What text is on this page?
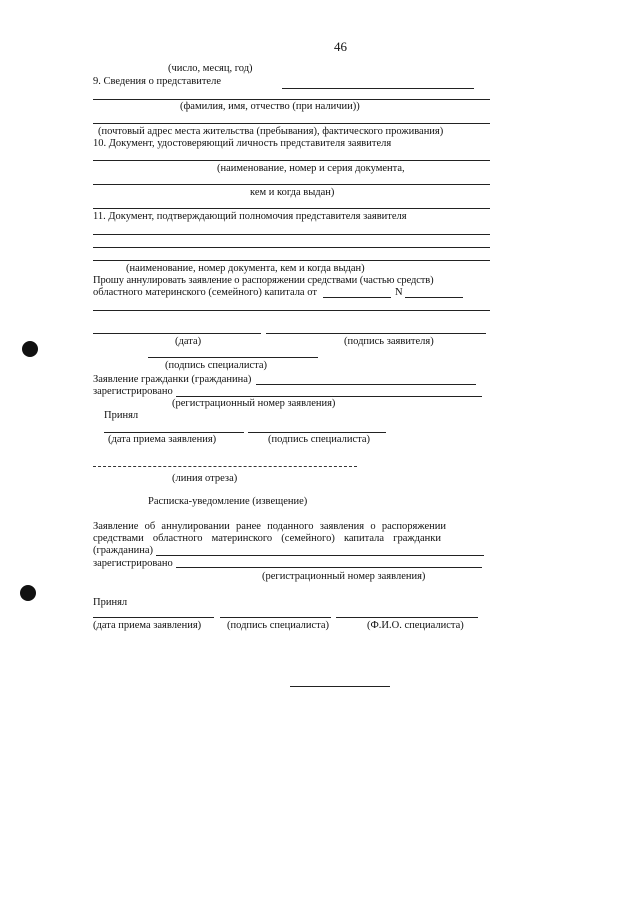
46
(число, месяц, год)
9. Сведения о представителе
(фамилия, имя, отчество (при наличии))
(почтовый адрес места жительства (пребывания), фактического проживания)
10. Документ, удостоверяющий личность представителя заявителя
(наименование, номер и серия документа,
кем и когда выдан)
11. Документ, подтверждающий полномочия представителя заявителя
(наименование, номер документа, кем и когда выдан)
Прошу аннулировать заявление о распоряжении средствами (частью средств)
областного материнского (семейного) капитала от	N
(дата)	(подпись заявителя)
(подпись специалиста)
Заявление гражданки (гражданина)
зарегистрировано
(регистрационный номер заявления)
Принял
(дата приема заявления)	(подпись специалиста)
(линия отреза)
Расписка-уведомление (извещение)
Заявление об аннулировании ранее поданного заявления о распоряжении
средствами областного материнского (семейного) капитала гражданки
(гражданина)
зарегистрировано
(регистрационный номер заявления)
Принял
(дата приема заявления) (подпись специалиста)	(Ф.И.О. специалиста)
